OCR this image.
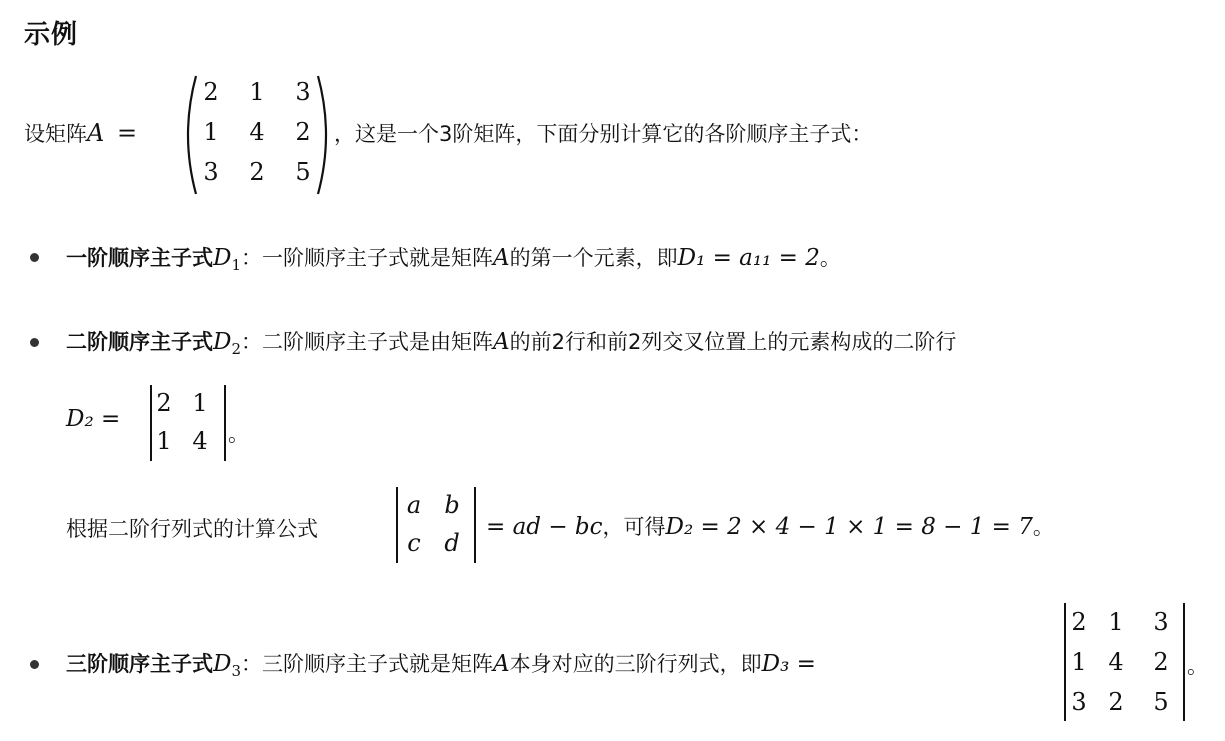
示例
设矩阵A =
2	1	3
1	4	2
3	2	5
，这是一个3阶矩阵，下面分别计算它的各阶顺序主子式：
一阶顺序主子式$D_1$：一阶顺序主子式就是矩阵A的第一个元素，即D₁ = a₁₁ = 2。
二阶顺序主子式$D_2$：二阶顺序主子式是由矩阵A的前2行和前2列交叉位置上的元素构成的二阶行
D₂ =
2 1
1 4 。
根据二阶行列式的计算公式
a b
c d
= ad − bc，可得D₂ = 2 × 4 − 1 × 1 = 8 − 1 = 7。
三阶顺序主子式$D_3$：三阶顺序主子式就是矩阵A本身对应的三阶行列式，即D₃ =
2 1	3
1 4	2
3 2	5
。
